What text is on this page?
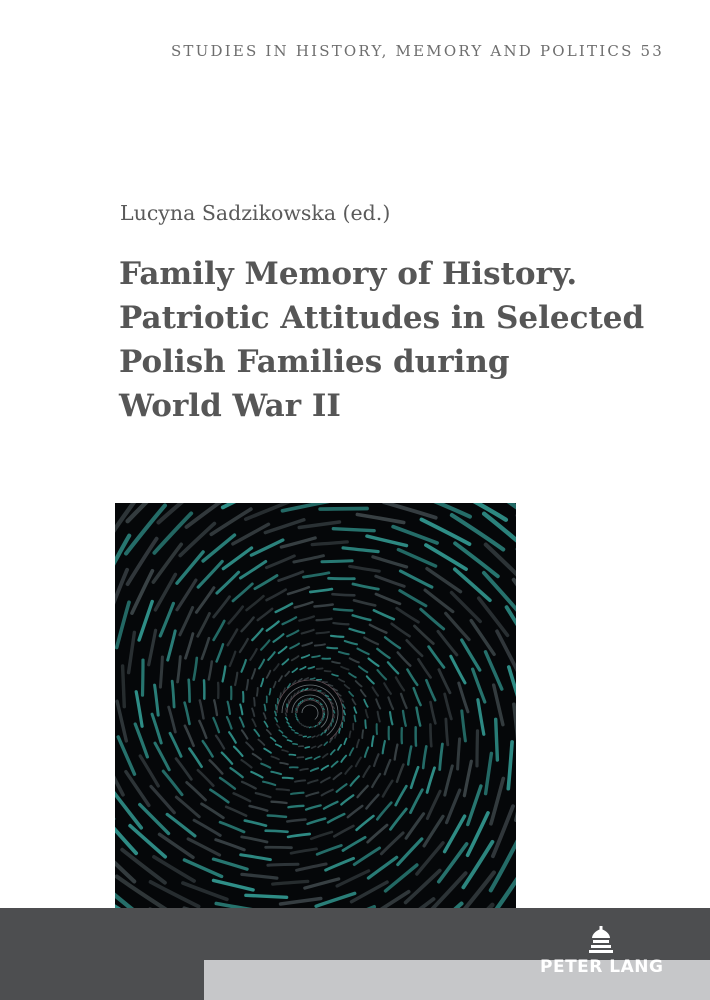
STUDIES IN HISTORY, MEMORY AND POLITICS 53
Lucyna Sadzikowska (ed.)
Family Memory of History.
Patriotic Attitudes in Selected
Polish Families during
World War II
PETER LANG
